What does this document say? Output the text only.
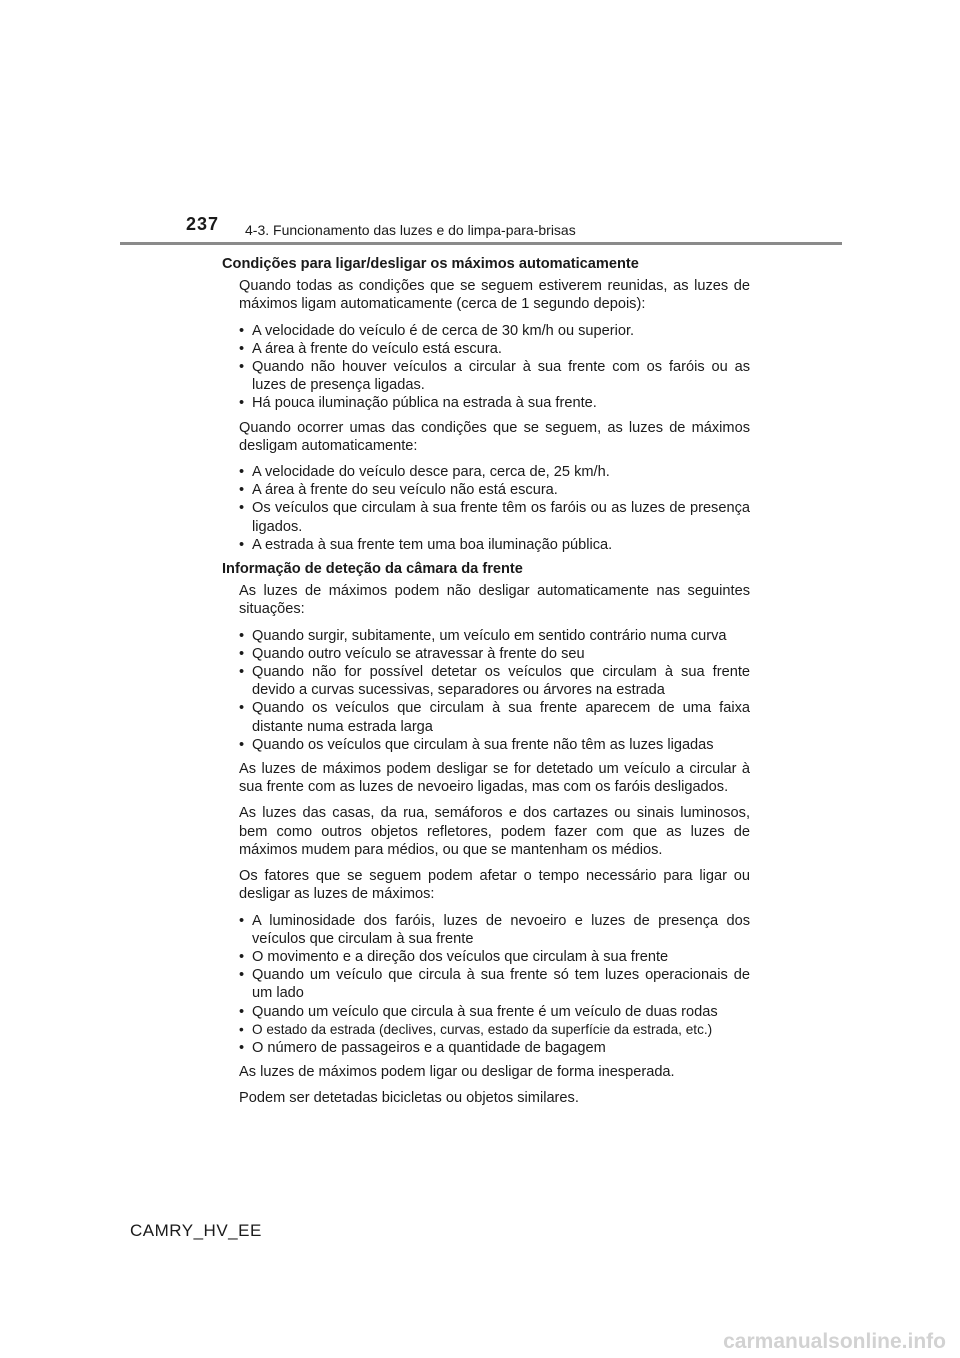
237 4-3. Funcionamento das luzes e do limpa-para-brisas
Condições para ligar/desligar os máximos automaticamente

Quando todas as condições que se seguem estiverem reunidas, as luzes de máximos ligam automaticamente (cerca de 1 segundo depois):

• A velocidade do veículo é de cerca de 30 km/h ou superior.
• A área à frente do veículo está escura.
• Quando não houver veículos a circular à sua frente com os faróis ou as luzes de presença ligadas.
• Há pouca iluminação pública na estrada à sua frente.

Quando ocorrer umas das condições que se seguem, as luzes de máximos desligam automaticamente:

• A velocidade do veículo desce para, cerca de, 25 km/h.
• A área à frente do seu veículo não está escura.
• Os veículos que circulam à sua frente têm os faróis ou as luzes de presença ligados.
• A estrada à sua frente tem uma boa iluminação pública.
Informação de deteção da câmara da frente

As luzes de máximos podem não desligar automaticamente nas seguintes situações:

• Quando surgir, subitamente, um veículo em sentido contrário numa curva
• Quando outro veículo se atravessar à frente do seu
• Quando não for possível detetar os veículos que circulam à sua frente devido a curvas sucessivas, separadores ou árvores na estrada
• Quando os veículos que circulam à sua frente aparecem de uma faixa distante numa estrada larga
• Quando os veículos que circulam à sua frente não têm as luzes ligadas

As luzes de máximos podem desligar se for detetado um veículo a circular à sua frente com as luzes de nevoeiro ligadas, mas com os faróis desligados.

As luzes das casas, da rua, semáforos e dos cartazes ou sinais luminosos, bem como outros objetos refletores, podem fazer com que as luzes de máximos mudem para médios, ou que se mantenham os médios.

Os fatores que se seguem podem afetar o tempo necessário para ligar ou desligar as luzes de máximos:

• A luminosidade dos faróis, luzes de nevoeiro e luzes de presença dos veículos que circulam à sua frente
• O movimento e a direção dos veículos que circulam à sua frente
• Quando um veículo que circula à sua frente só tem luzes operacionais de um lado
• Quando um veículo que circula à sua frente é um veículo de duas rodas
• O estado da estrada (declives, curvas, estado da superfície da estrada, etc.)
• O número de passageiros e a quantidade de bagagem

As luzes de máximos podem ligar ou desligar de forma inesperada.

Podem ser detetadas bicicletas ou objetos similares.

CAMRY_HV_EE
carmanualsonline.info
